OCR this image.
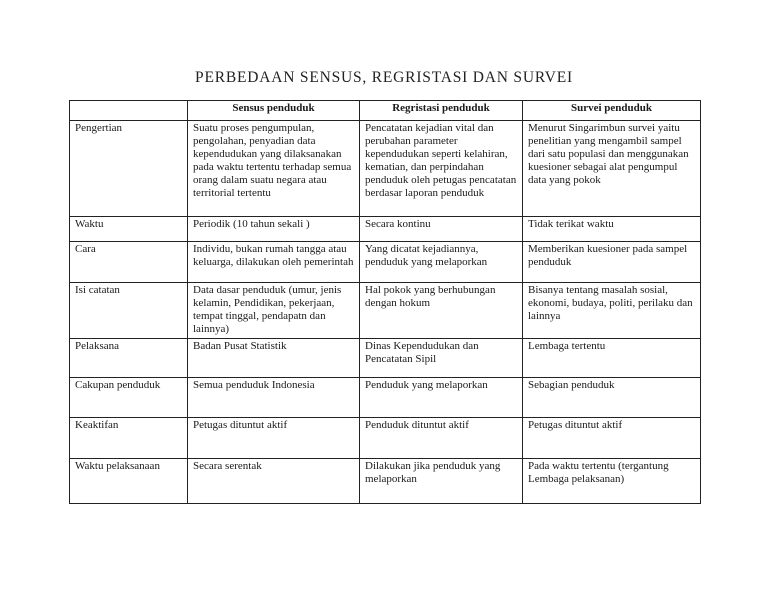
PERBEDAAN SENSUS, REGRISTASI DAN SURVEI
	Sensus penduduk	Regristasi penduduk	Survei penduduk
Pengertian	Suatu proses pengumpulan, pengolahan, penyadian data kependudukan yang dilaksanakan pada waktu tertentu terhadap semua orang dalam suatu negara atau territorial tertentu	Pencatatan kejadian vital dan perubahan parameter kependudukan seperti kelahiran, kematian, dan perpindahan penduduk oleh petugas pencatatan berdasar laporan penduduk	Menurut Singarimbun survei yaitu penelitian yang mengambil sampel dari satu populasi dan menggunakan kuesioner sebagai alat pengumpul data yang pokok
Waktu	Periodik (10 tahun sekali )	Secara kontinu	Tidak terikat waktu
Cara	Individu, bukan rumah tangga atau keluarga, dilakukan oleh pemerintah	Yang dicatat kejadiannya, penduduk yang melaporkan	Memberikan kuesioner pada sampel penduduk
Isi catatan	Data dasar penduduk (umur, jenis kelamin, Pendidikan, pekerjaan, tempat tinggal, pendapatn dan lainnya)	Hal pokok yang berhubungan dengan hokum	Bisanya tentang masalah sosial, ekonomi, budaya, politi, perilaku dan lainnya
Pelaksana	Badan Pusat Statistik	Dinas Kependudukan dan Pencatatan Sipil	Lembaga tertentu
Cakupan penduduk	Semua penduduk Indonesia	Penduduk yang melaporkan	Sebagian penduduk
Keaktifan	Petugas dituntut aktif	Penduduk dituntut aktif	Petugas dituntut aktif
Waktu pelaksanaan	Secara serentak	Dilakukan jika penduduk yang melaporkan	Pada waktu tertentu (tergantung Lembaga pelaksanan)
